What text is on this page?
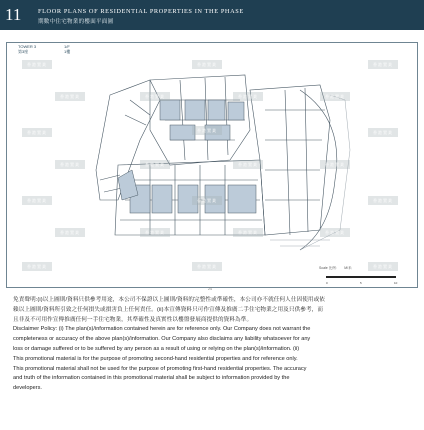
11	FLOOR PLANS OF RESIDENTIAL PROPERTIES IN THE PHASE
期數中住宅物業的樓面平面圖
TOWER 3
第3座
1/F
1樓
香港置業	香港置業	香港置業
香港置業	香港置業	香港置業	香港置業
香港置業	香港置業	香港置業
香港置業	香港置業	香港置業	香港置業
香港置業	香港置業	香港置業
香港置業	香港置業	香港置業	香港置業
香港置業	香港置業	香港置業
Scale 比例： M/米
0	5	10
24
免責聲明:(i)以上圖則/資料只供參考用途，本公司不保證以上圖則/資料的完整性或準確性，本公司亦不就任何人仕因使用或依
賴以上圖則/資料所引致之任何損失或損害負上任何責任。(ii)本宣傳資料只可作宣傳及推廣二手住宅物業之用及只供參考，而
且非及不可用作宣傳推廣任何一手住宅物業，其準確性及真實性以樓盤發展商提供的資料為準。
Disclaimer Policy: (i) The plan(s)/information contained herein are for reference only. Our Company does not warrant the
completeness or accuracy of the above plan(s)/information. Our Company also disclaims any liability whatsoever for any
loss or damage suffered or to be suffered by any person as a result of using or relying on the plan(s)/information. (ii)
This promotional material is for the purpose of promoting second-hand residential properties and for reference only.
This promotional material shall not be used for the purpose of promoting first-hand residential properties. The accuracy
and truth of the information contained in this promotional material shall be subject to information provided by the
developers.
